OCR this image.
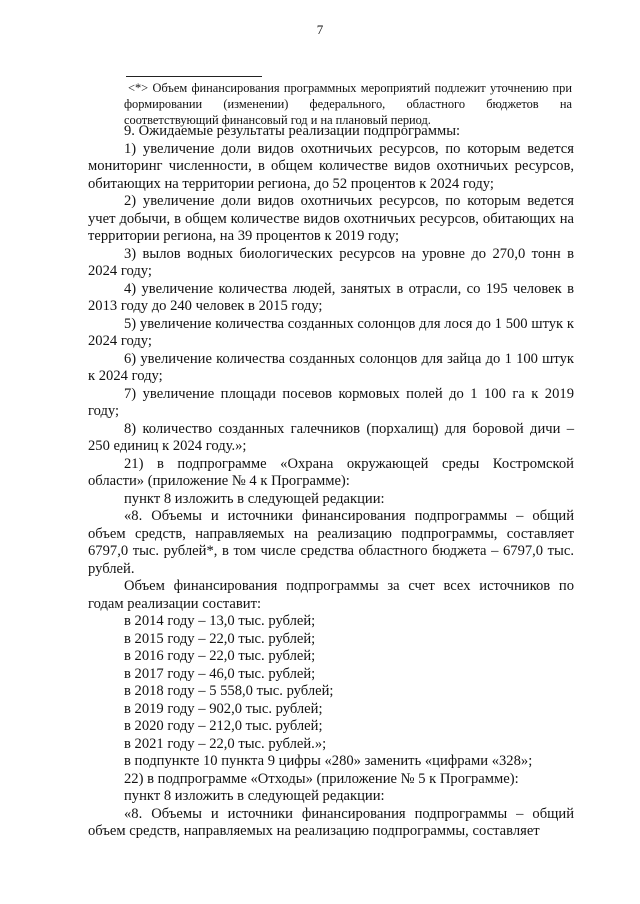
7

<*> Объем финансирования программных мероприятий подлежит уточнению при формировании (изменении) федерального, областного бюджетов на соответствующий финансовый год и на плановый период.

9. Ожидаемые результаты реализации подпрограммы:

1) увеличение доли видов охотничьих ресурсов, по которым ведется мониторинг численности, в общем количестве видов охотничьих ресурсов, обитающих на территории региона, до 52 процентов к 2024 году;

2) увеличение доли видов охотничьих ресурсов, по которым ведется учет добычи, в общем количестве видов охотничьих ресурсов, обитающих на территории региона, на 39 процентов к 2019 году;

3) вылов водных биологических ресурсов на уровне до 270,0 тонн в 2024 году;

4) увеличение количества людей, занятых в отрасли, со 195 человек в 2013 году до 240 человек в 2015 году;

5) увеличение количества созданных солонцов для лося до 1 500 штук к 2024 году;

6) увеличение количества созданных солонцов для зайца до 1 100 штук к 2024 году;

7) увеличение площади посевов кормовых полей до 1 100 га к 2019 году;

8) количество созданных галечников (порхалищ) для боровой дичи – 250 единиц к 2024 году.»;

21) в подпрограмме «Охрана окружающей среды Костромской области» (приложение № 4 к Программе):

пункт 8 изложить в следующей редакции:

«8. Объемы и источники финансирования подпрограммы – общий объем средств, направляемых на реализацию подпрограммы, составляет 6797,0 тыс. рублей*, в том числе средства областного бюджета – 6797,0 тыс. рублей.

Объем финансирования подпрограммы за счет всех источников по годам реализации составит:

в 2014 году – 13,0 тыс. рублей;

в 2015 году – 22,0 тыс. рублей;

в 2016 году – 22,0 тыс. рублей;

в 2017 году – 46,0 тыс. рублей;

в 2018 году – 5 558,0 тыс. рублей;

в 2019 году – 902,0 тыс. рублей;

в 2020 году – 212,0 тыс. рублей;

в 2021 году – 22,0 тыс. рублей.»;

в подпункте 10 пункта 9 цифры «280» заменить «цифрами «328»;

22) в подпрограмме «Отходы» (приложение № 5 к Программе):

пункт 8 изложить в следующей редакции:

«8. Объемы и источники финансирования подпрограммы – общий объем средств, направляемых на реализацию подпрограммы, составляет
